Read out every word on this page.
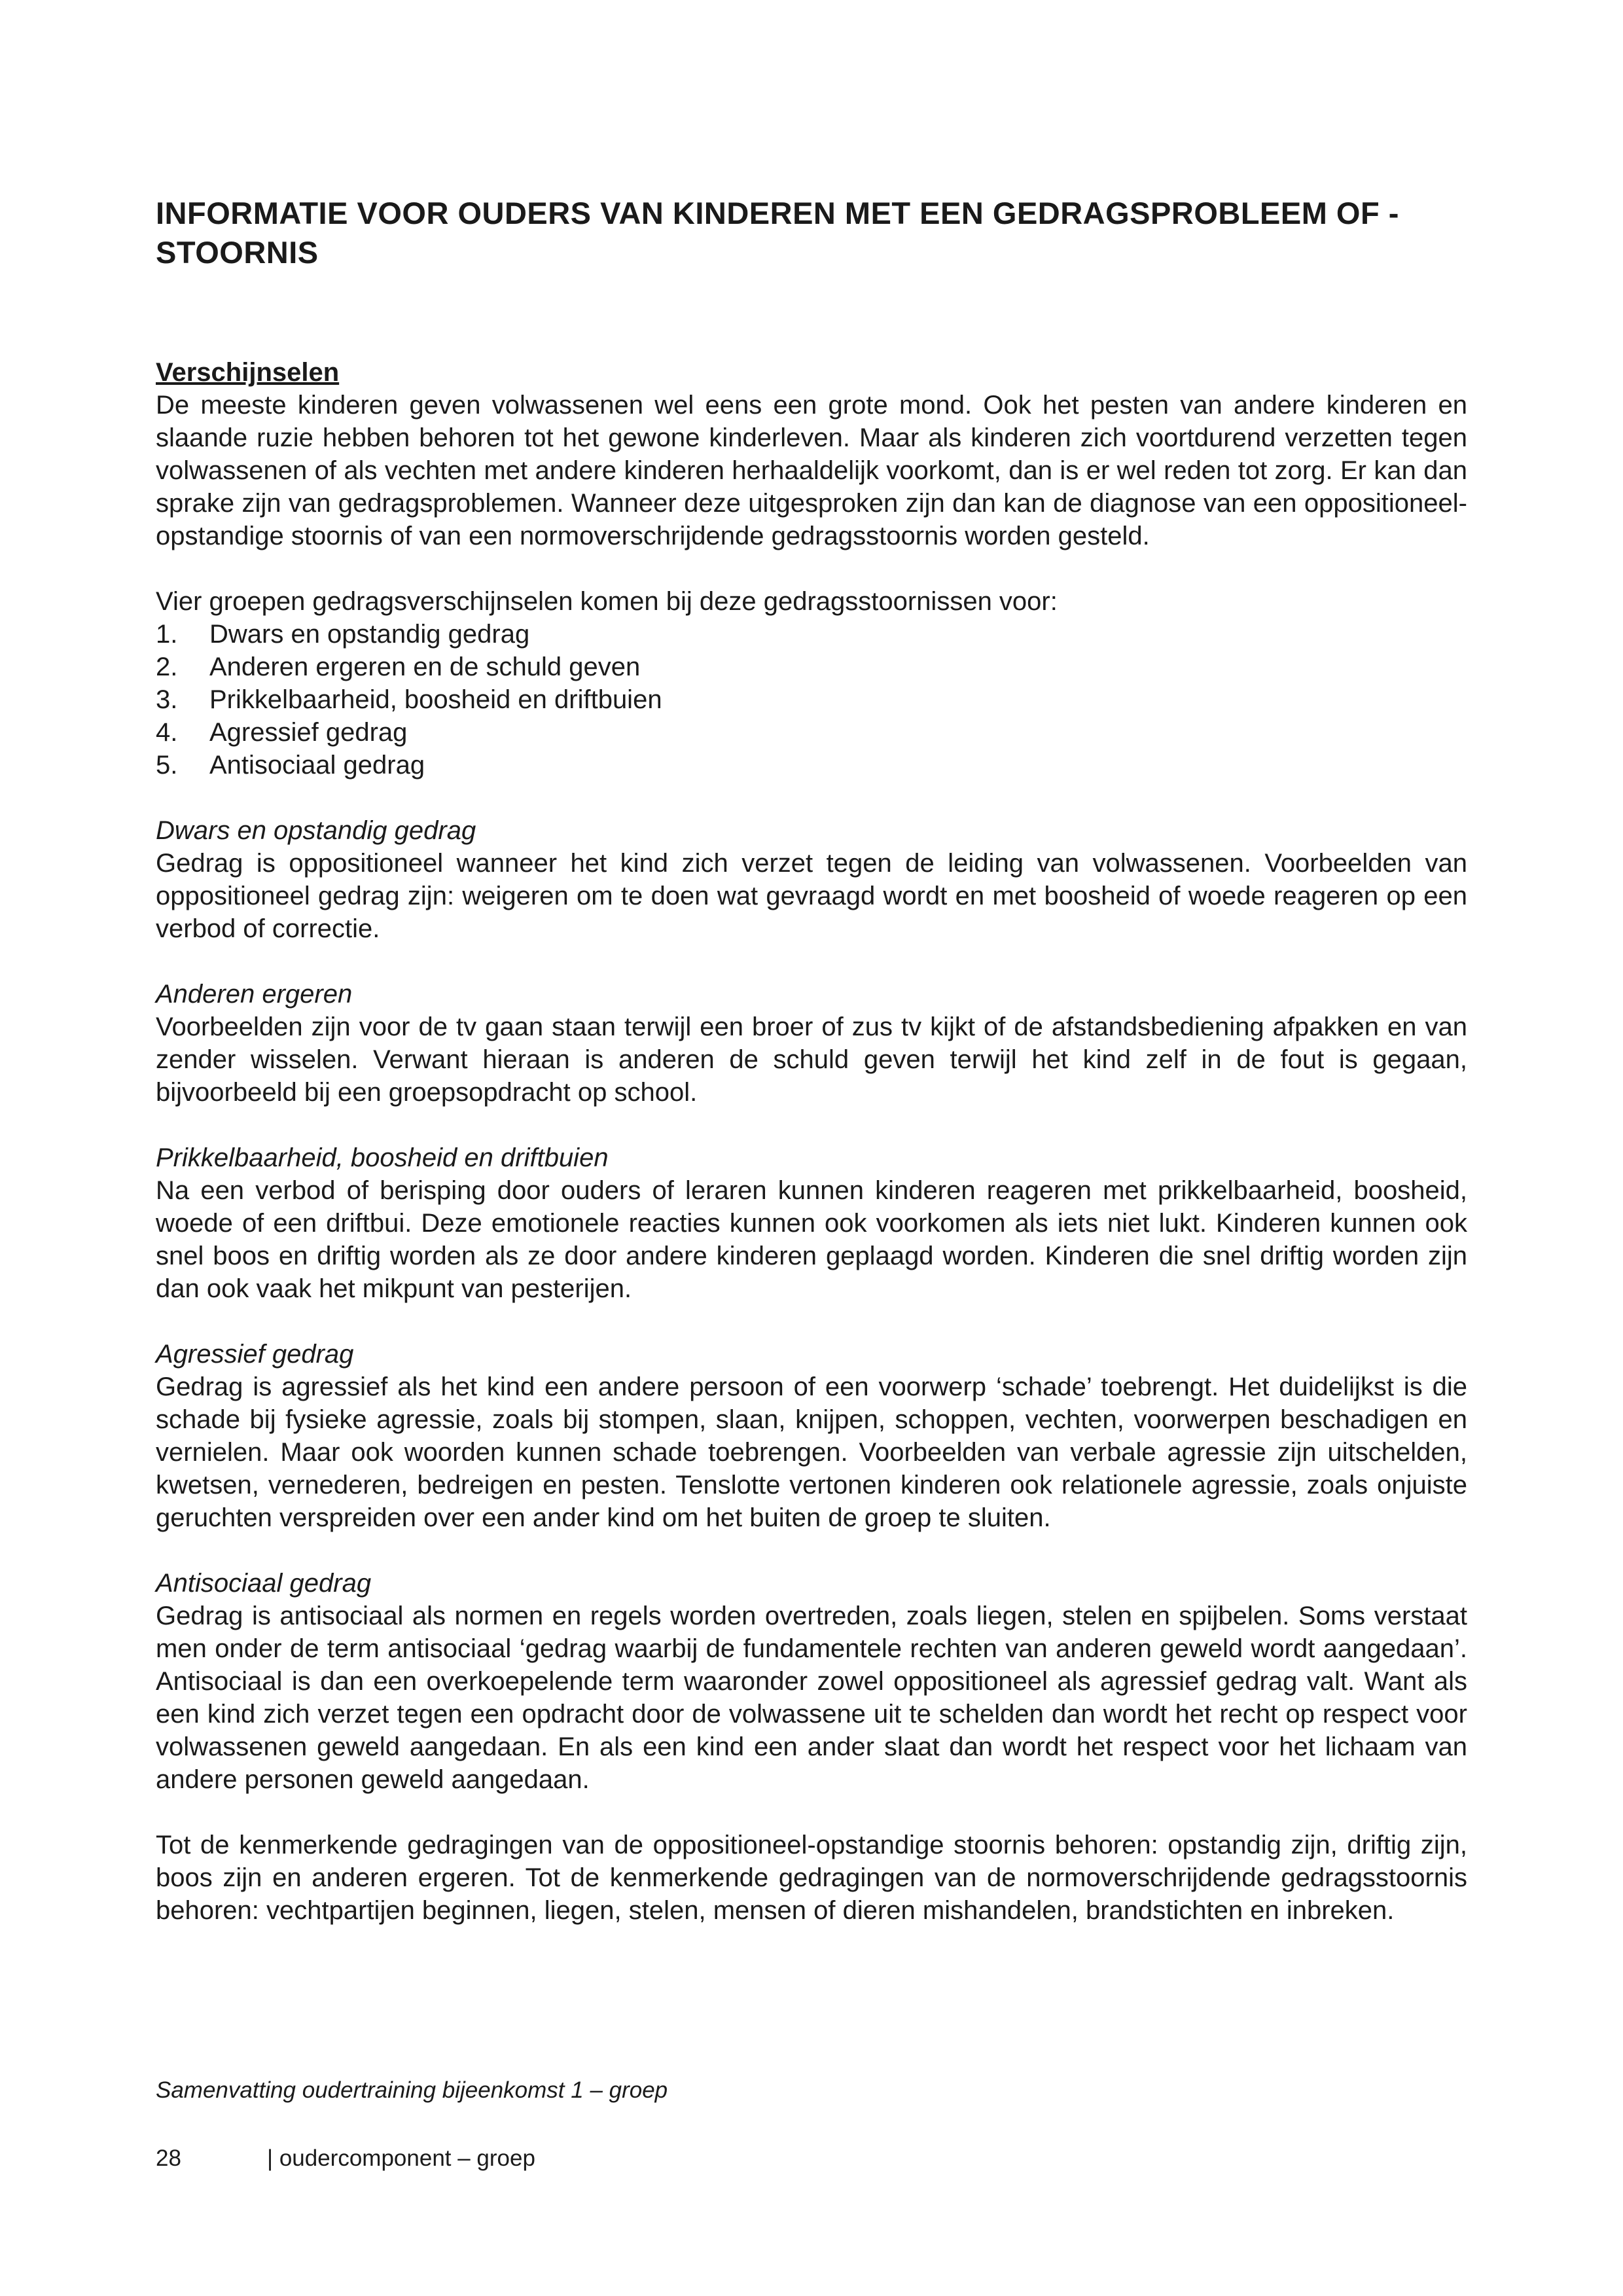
INFORMATIE VOOR OUDERS VAN KINDEREN MET EEN GEDRAGSPROBLEEM OF -STOORNIS

Verschijnselen

De meeste kinderen geven volwassenen wel eens een grote mond. Ook het pesten van andere kinderen en slaande ruzie hebben behoren tot het gewone kinderleven. Maar als kinderen zich voortdurend verzetten tegen volwassenen of als vechten met andere kinderen herhaaldelijk voorkomt, dan is er wel reden tot zorg. Er kan dan sprake zijn van gedragsproblemen. Wanneer deze uitgesproken zijn dan kan de diagnose van een oppositioneel-opstandige stoornis of van een normoverschrijdende gedragsstoornis worden gesteld.

Vier groepen gedragsverschijnselen komen bij deze gedragsstoornissen voor:

1.	Dwars en opstandig gedrag
2.	Anderen ergeren en de schuld geven
3.	Prikkelbaarheid, boosheid en driftbuien
4.	Agressief gedrag
5.	Antisociaal gedrag

Dwars en opstandig gedrag

Gedrag is oppositioneel wanneer het kind zich verzet tegen de leiding van volwassenen. Voorbeelden van oppositioneel gedrag zijn: weigeren om te doen wat gevraagd wordt en met boosheid of woede reageren op een verbod of correctie.

Anderen ergeren

Voorbeelden zijn voor de tv gaan staan terwijl een broer of zus tv kijkt of de afstandsbediening afpakken en van zender wisselen. Verwant hieraan is anderen de schuld geven terwijl het kind zelf in de fout is gegaan, bijvoorbeeld bij een groepsopdracht op school.

Prikkelbaarheid, boosheid en driftbuien

Na een verbod of berisping door ouders of leraren kunnen kinderen reageren met prikkelbaarheid, boosheid, woede of een driftbui. Deze emotionele reacties kunnen ook voorkomen als iets niet lukt. Kinderen kunnen ook snel boos en driftig worden als ze door andere kinderen geplaagd worden. Kinderen die snel driftig worden zijn dan ook vaak het mikpunt van pesterijen.

Agressief gedrag

Gedrag is agressief als het kind een andere persoon of een voorwerp ‘schade’ toebrengt. Het duidelijkst is die schade bij fysieke agressie, zoals bij stompen, slaan, knijpen, schoppen, vechten, voorwerpen beschadigen en vernielen. Maar ook woorden kunnen schade toebrengen. Voorbeelden van verbale agressie zijn uitschelden, kwetsen, vernederen, bedreigen en pesten. Tenslotte vertonen kinderen ook relationele agressie, zoals onjuiste geruchten verspreiden over een ander kind om het buiten de groep te sluiten.

Antisociaal gedrag

Gedrag is antisociaal als normen en regels worden overtreden, zoals liegen, stelen en spijbelen. Soms verstaat men onder de term antisociaal ‘gedrag waarbij de fundamentele rechten van anderen geweld wordt aangedaan’. Antisociaal is dan een overkoepelende term waaronder zowel oppositioneel als agressief gedrag valt. Want als een kind zich verzet tegen een opdracht door de volwassene uit te schelden dan wordt het recht op respect voor volwassenen geweld aangedaan. En als een kind een ander slaat dan wordt het respect voor het lichaam van andere personen geweld aangedaan.

Tot de kenmerkende gedragingen van de oppositioneel-opstandige stoornis behoren: opstandig zijn, driftig zijn, boos zijn en anderen ergeren. Tot de kenmerkende gedragingen van de normoverschrijdende gedragsstoornis behoren: vechtpartijen beginnen, liegen, stelen, mensen of dieren mishandelen, brandstichten en inbreken.

Samenvatting oudertraining bijeenkomst 1 – groep
28	| oudercomponent – groep
